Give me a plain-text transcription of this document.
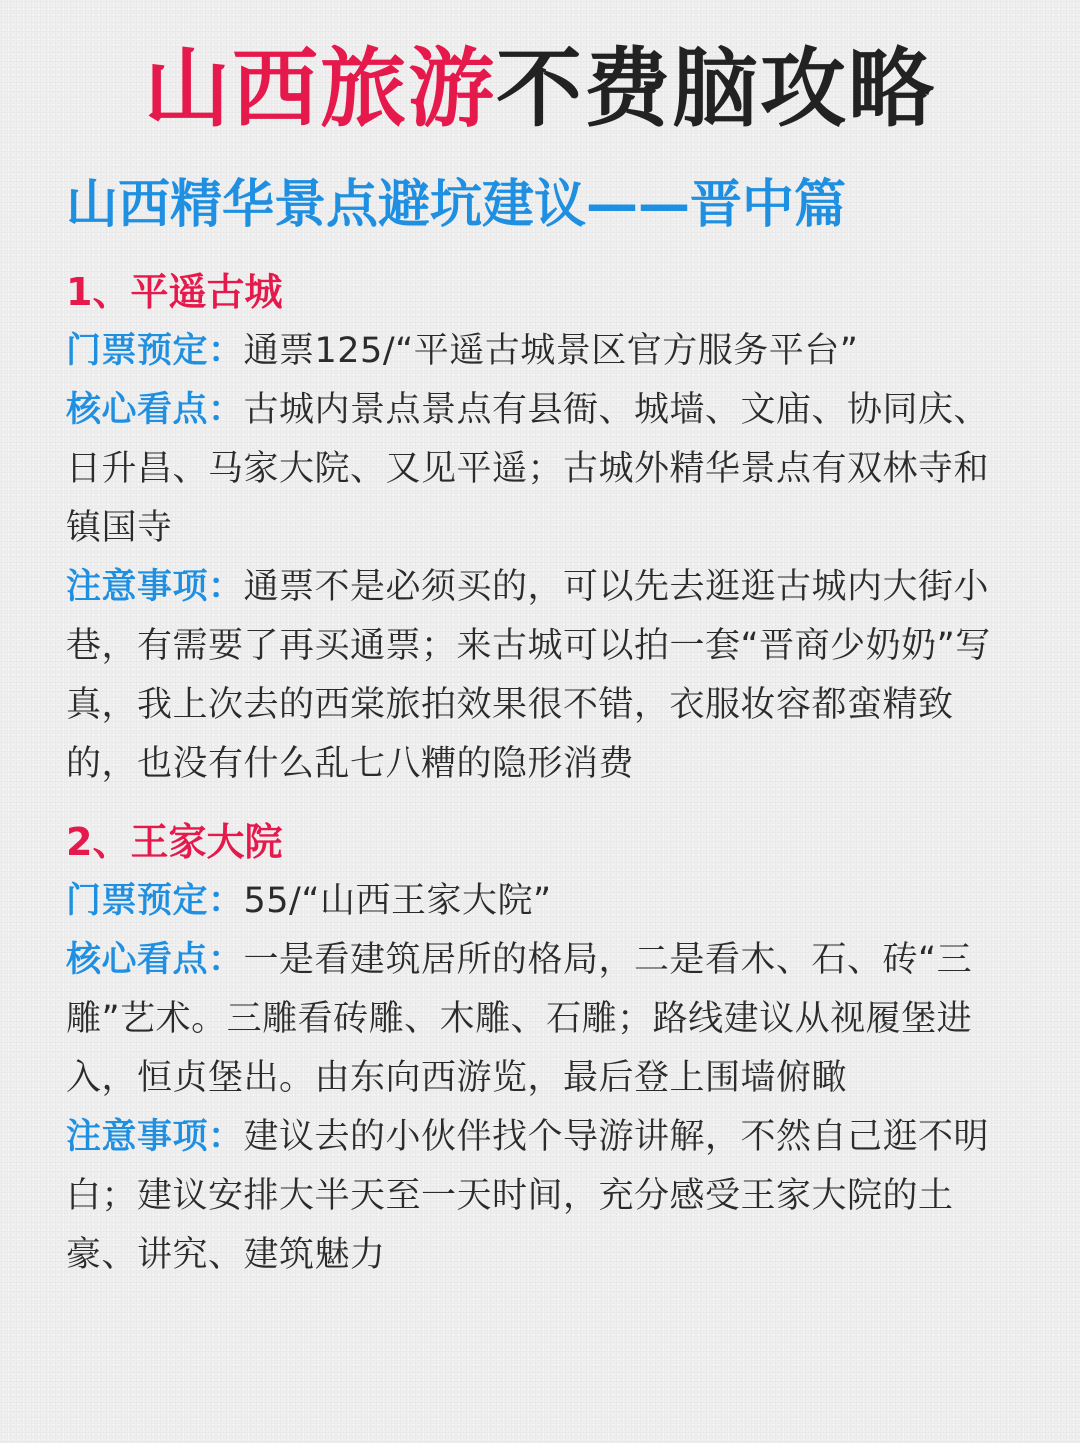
山西旅游不费脑攻略
山西精华景点避坑建议——晋中篇
1、平遥古城
门票预定：通票125/“平遥古城景区官方服务平台”
核心看点：古城内景点景点有县衙、城墙、文庙、协同庆、日升昌、马家大院、又见平遥；古城外精华景点有双林寺和镇国寺
注意事项：通票不是必须买的，可以先去逛逛古城内大街小巷，有需要了再买通票；来古城可以拍一套“晋商少奶奶”写真，我上次去的西棠旅拍效果很不错，衣服妆容都蛮精致的，也没有什么乱七八糟的隐形消费
2、王家大院
门票预定：55/“山西王家大院”
核心看点：一是看建筑居所的格局，二是看木、石、砖“三雕”艺术。三雕看砖雕、木雕、石雕；路线建议从视履堡进入，恒贞堡出。由东向西游览，最后登上围墙俯瞰
注意事项：建议去的小伙伴找个导游讲解，不然自己逛不明白；建议安排大半天至一天时间，充分感受王家大院的土豪、讲究、建筑魅力
